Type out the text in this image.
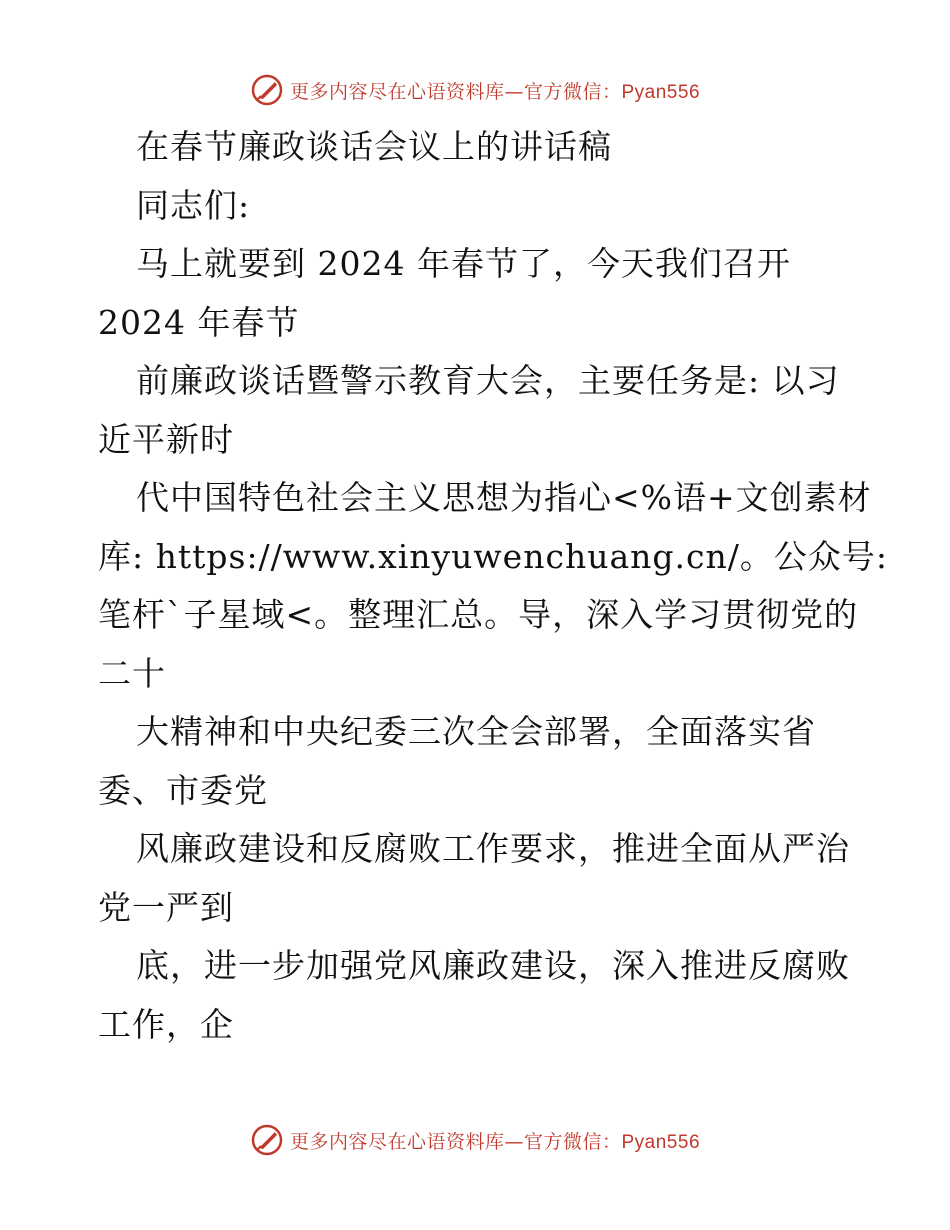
更多内容尽在心语资料库—官方微信：Pyan556
在春节廉政谈话会议上的讲话稿
同志们:
马上就要到 2024 年春节了，今天我们召开
2024 年春节
前廉政谈话暨警示教育大会，主要任务是: 以习
近平新时
代中国特色社会主义思想为指心<%语+文创素材
库: https://www.xinyuwenchuang.cn/。公众号:
笔杆`子星域<。整理汇总。导，深入学习贯彻党的
二十
大精神和中央纪委三次全会部署，全面落实省
委、市委党
风廉政建设和反腐败工作要求，推进全面从严治
党一严到
底，进一步加强党风廉政建设，深入推进反腐败
工作，企
更多内容尽在心语资料库—官方微信：Pyan556
